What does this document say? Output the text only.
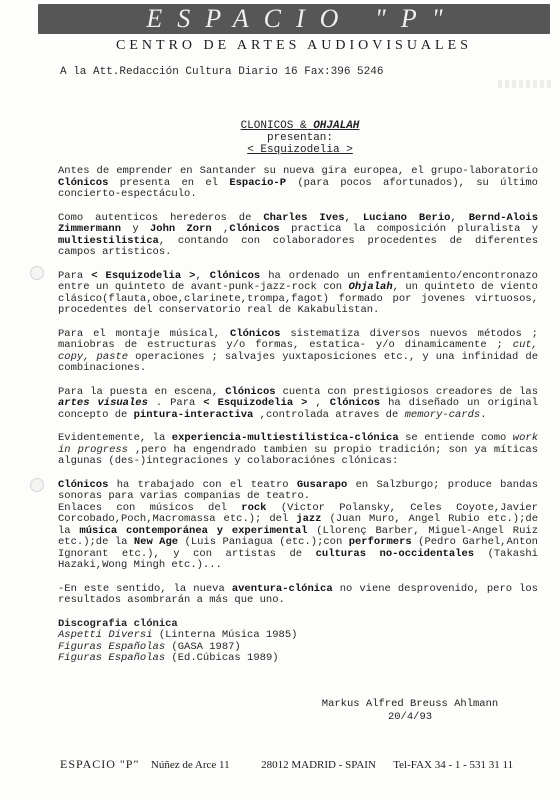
ESPACIO "P"
CENTRO DE ARTES AUDIOVISUALES
A la Att.Redacción Cultura Diario 16 Fax:396 5246
CLONICOS & OHJALAH
presentan:
< Esquizodelia >

Antes de emprender en Santander su nueva gira europea, el grupo-laboratorio Clónicos presenta en el Espacio-P (para pocos afortunados), su último concierto-espectáculo.

Como autenticos herederos de Charles Ives, Luciano Berio, Bernd-Alois Zimmermann y John Zorn ,Clónicos practica la composición pluralista y multiestilistica, contando con colaboradores procedentes de diferentes campos artisticos.

Para < Esquizodelia >, Clónicos ha ordenado un enfrentamiento/encontronazo entre un quinteto de avant-punk-jazz-rock con Ohjalah, un quinteto de viento clásico(flauta,oboe,clarinete,trompa,fagot) formado por jovenes virtuosos, procedentes del conservatorio real de Kakabulistan.

Para el montaje músical, Clónicos sistematiza diversos nuevos métodos ; maniobras de estructuras y/o formas, estatica- y/o dinamicamente ; cut, copy, paste operaciones ; salvajes yuxtaposiciones etc., y una infinidad de combinaciones.

Para la puesta en escena, Clónicos cuenta con prestigiosos creadores de las artes visuales . Para < Esquizodelia > , Clónicos ha diseñado un original concepto de pintura-interactiva ,controlada atraves de memory-cards.

Evidentemente, la experiencia-multiestilistica-clónica se entiende como work in progress ,pero ha engendrado tambien su propio tradición; son ya míticas algunas (des-)integraciones y colaboraciónes clónicas:

Clónicos ha trabajado con el teatro Gusarapo en Salzburgo; produce bandas sonoras para varias companias de teatro.
Enlaces con músicos del rock (Victor Polansky, Celes Coyote,Javier Corcobado,Poch,Macromassa etc.); del jazz (Juan Muro, Angel Rubio etc.);de la música contemporánea y experimental (Llorenç Barber, Miguel-Angel Ruiz etc.);de la New Age (Luis Paniagua (etc.);con performers (Pedro Garhel,Anton Ignorant etc.), y con artistas de culturas no-occidentales (Takashi Hazaki,Wong Mingh etc.)...

-En este sentido, la nueva aventura-clónica no viene desprovenido, pero los resultados asombrarán a más que uno.

Discografia clónica
Aspetti Diversi (Linterna Música 1985)
Figuras Españolas (GASA 1987)
Figuras Españolas (Ed.Cúbicas 1989)
Markus Alfred Breuss Ahlmann
20/4/93
ESPACIO "P" Núñez de Arce 11	28012 MADRID - SPAIN Tel-FAX 34 - 1 - 531 31 11
